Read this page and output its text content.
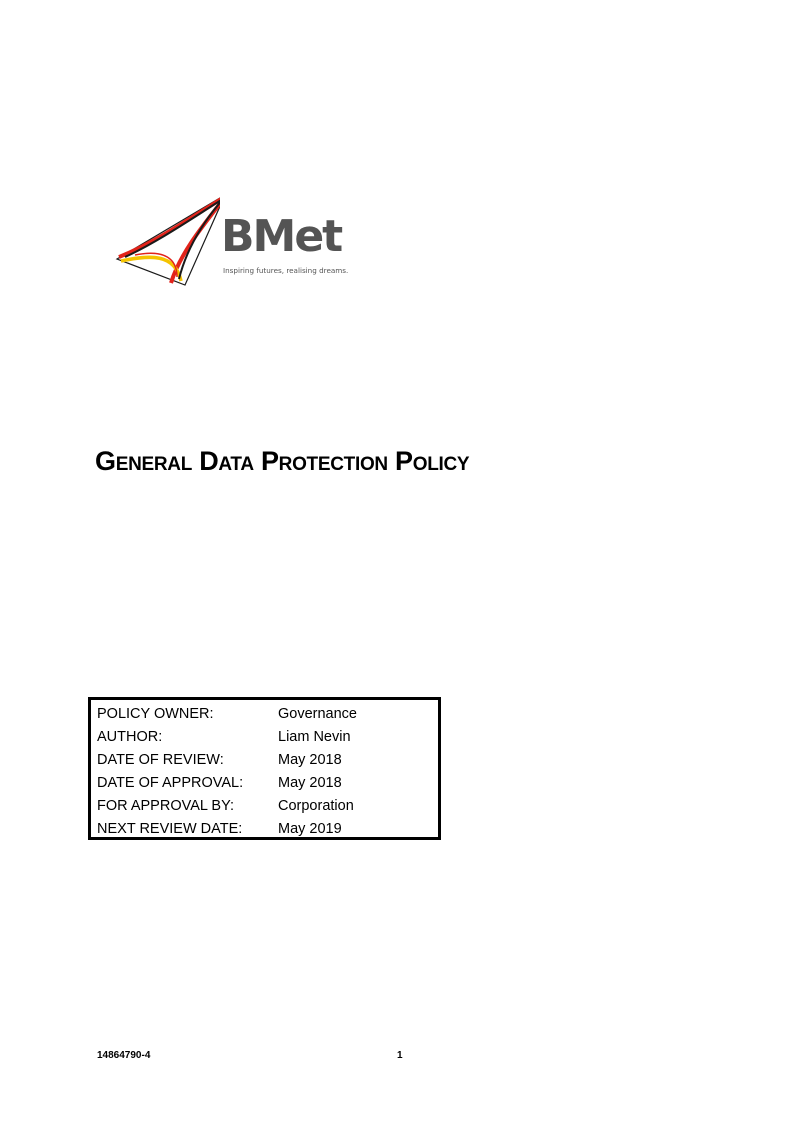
BMet
Inspiring futures, realising dreams.
General Data Protection Policy
POLICY OWNER:	Governance
AUTHOR:	Liam Nevin
DATE OF REVIEW:	May 2018
DATE OF APPROVAL: May 2018
FOR APPROVAL BY:	Corporation
NEXT REVIEW DATE: May 2019
14864790-4	1
